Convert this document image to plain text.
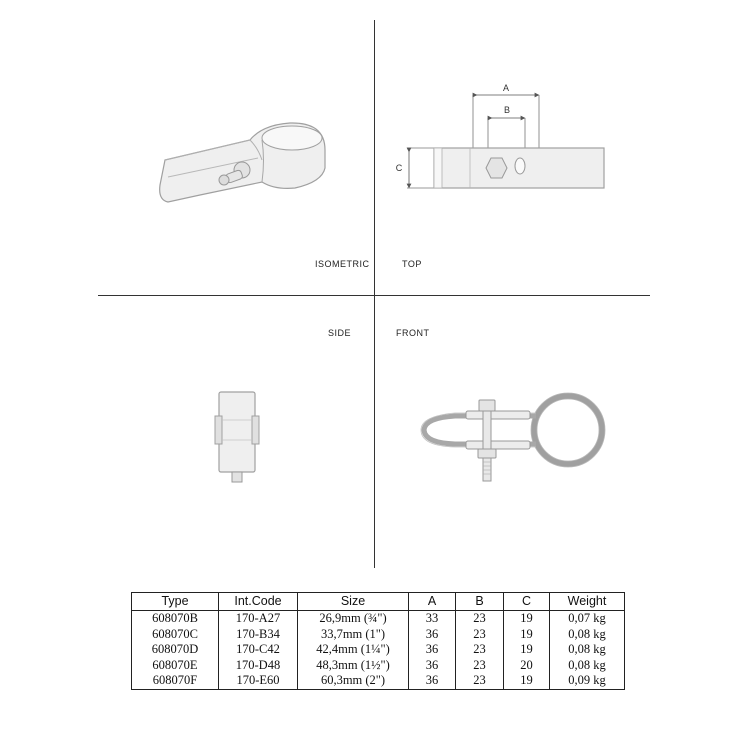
A
B
C
ISOMETRIC	TOP
SIDE	FRONT
Type	Int.Code	Size	A	B	C	Weight
608070B	170-A27	26,9mm (¾")	33	23	19	0,07 kg
608070C	170-B34	33,7mm (1")	36	23	19	0,08 kg
608070D	170-C42	42,4mm (1¼")	36	23	19	0,08 kg
608070E	170-D48	48,3mm (1½")	36	23	20	0,08 kg
608070F	170-E60	60,3mm (2")	36	23	19	0,09 kg
